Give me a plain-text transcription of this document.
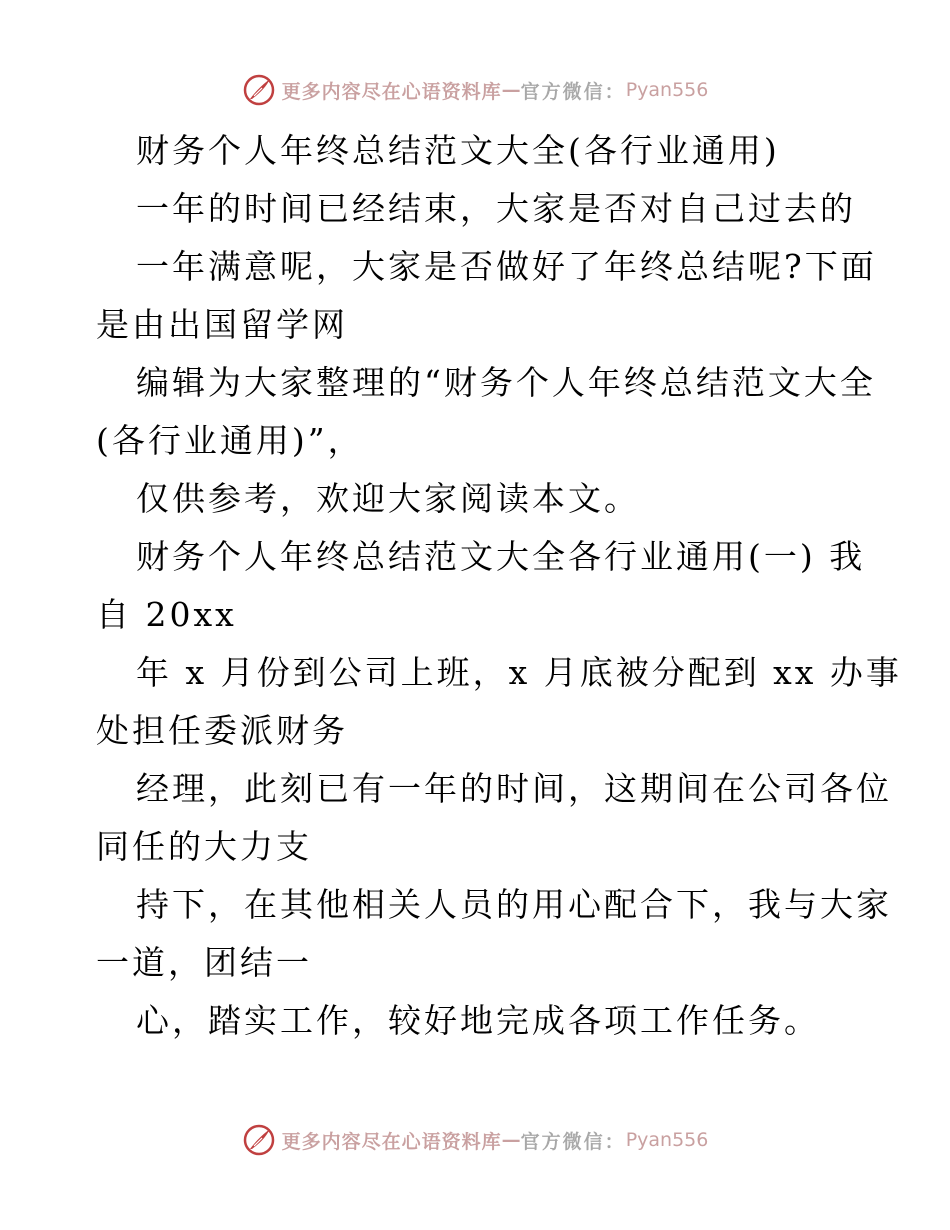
更多内容尽在心语资料库 — 官方微信： Pyan556
财务个人年终总结范文大全(各行业通用)
一年的时间已经结束，大家是否对自己过去的
一年满意呢，大家是否做好了年终总结呢?下面
是由出国留学网
编辑为大家整理的“财务个人年终总结范文大全
(各行业通用)”，
仅供参考，欢迎大家阅读本文。
财务个人年终总结范文大全各行业通用(一) 我
自 20xx
年 x 月份到公司上班，x 月底被分配到 xx 办事
处担任委派财务
经理，此刻已有一年的时间，这期间在公司各位
同任的大力支
持下，在其他相关人员的用心配合下，我与大家
一道，团结一
心，踏实工作，较好地完成各项工作任务。
更多内容尽在心语资料库 — 官方微信： Pyan556
